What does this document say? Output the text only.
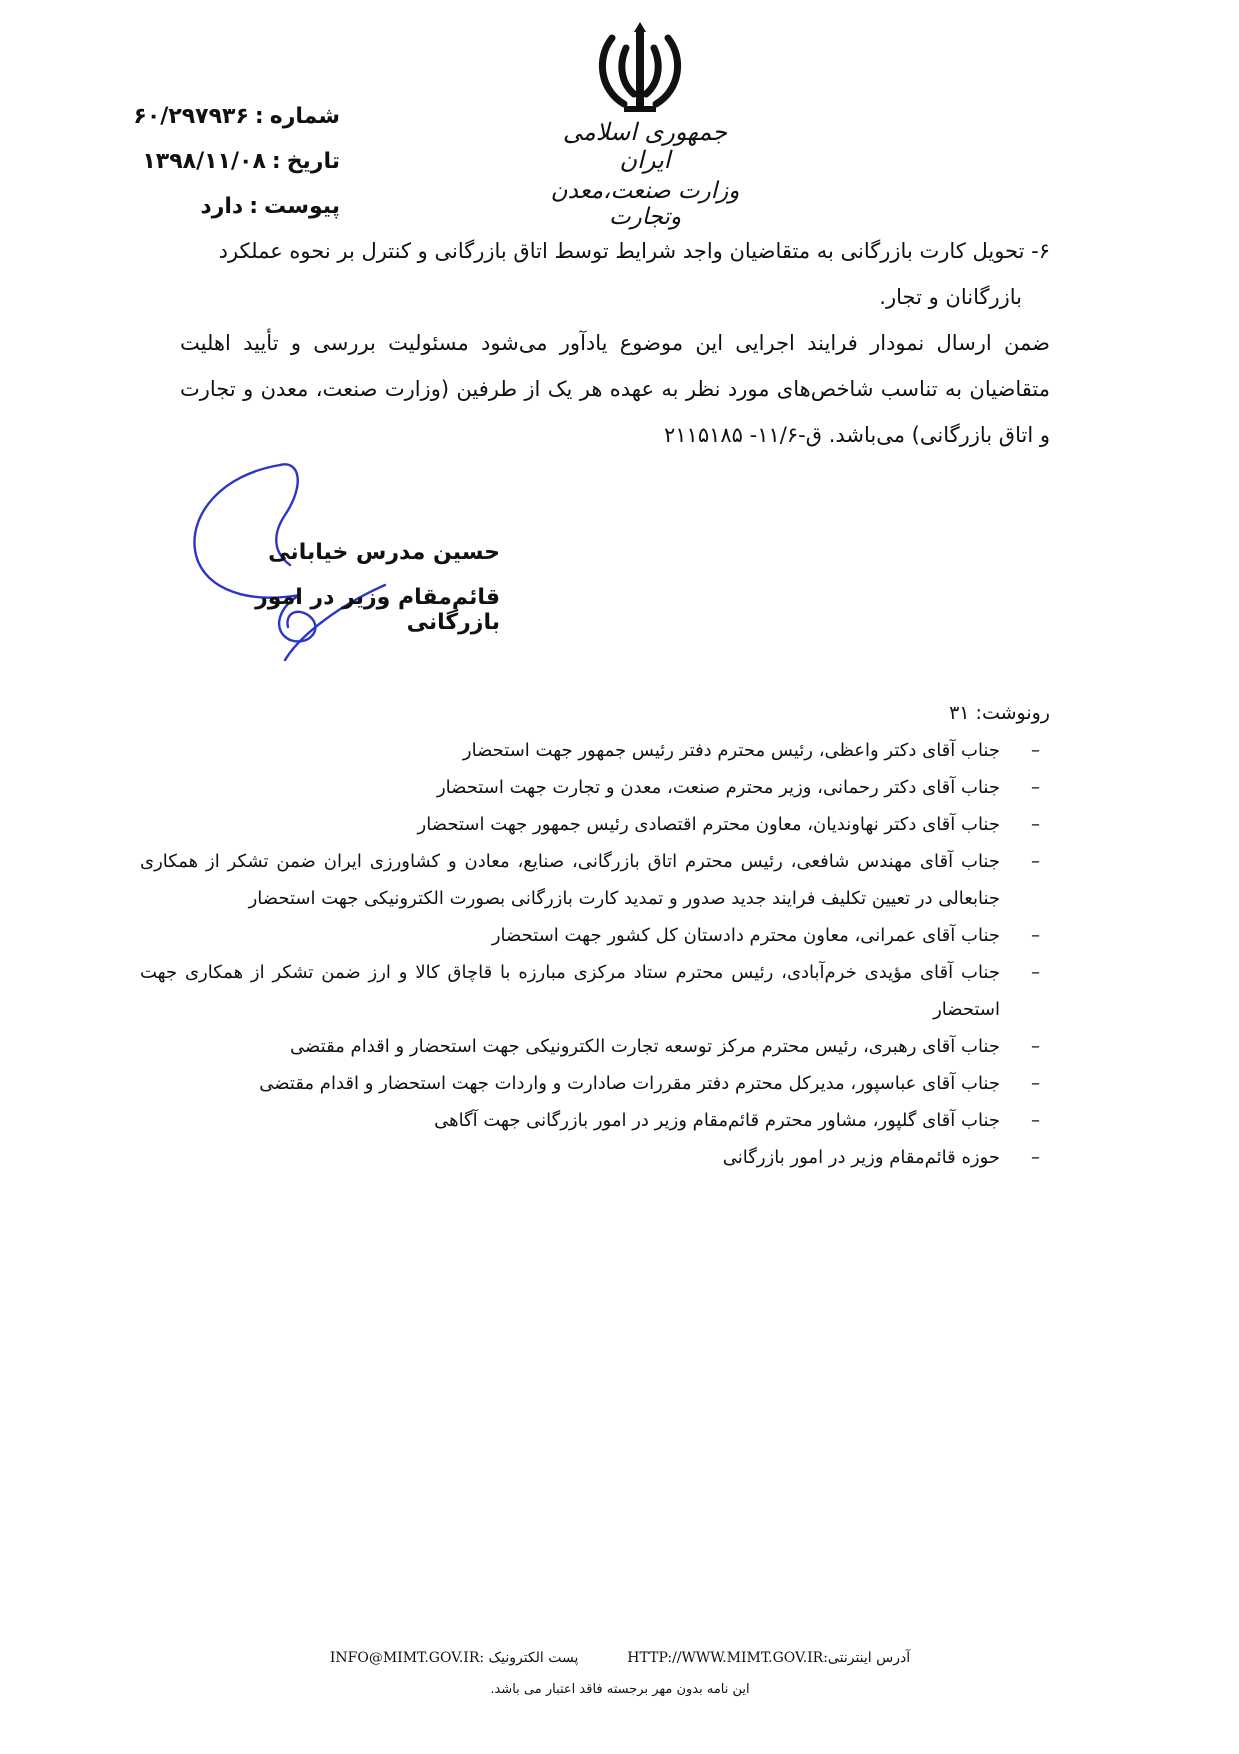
جمهوری اسلامی ایران
وزارت صنعت،معدن وتجارت
شماره:۶۰/۲۹۷۹۳۶
تاریخ:۱۳۹۸/۱۱/۰۸
پیوست:دارد

۶- تحویل کارت بازرگانی به متقاضیان واجد شرایط توسط اتاق بازرگانی و کنترل بر نحوه عملکرد
بازرگانان و تجار.

ضمن ارسال نمودار فرایند اجرایی این موضوع یادآور می‌شود مسئولیت بررسی و تأیید اهلیت متقاضیان به تناسب شاخص‌های مورد نظر به عهده هر یک از طرفین (وزارت صنعت، معدن و تجارت و اتاق بازرگانی) می‌باشد. ق-۱۱/۶- ۲۱۱۵۱۸۵

حسین مدرس خیابانی
قائم‌مقام وزیر در امور بازرگانی
رونوشت: ۳۱
–
جناب آقای دکتر واعظی، رئیس محترم دفتر رئیس جمهور جهت استحضار
–
جناب آقای دکتر رحمانی، وزیر محترم صنعت، معدن و تجارت جهت استحضار
–
جناب آقای دکتر نهاوندیان، معاون محترم اقتصادی رئیس جمهور جهت استحضار
–
جناب آقای مهندس شافعی، رئیس محترم اتاق بازرگانی، صنایع، معادن و کشاورزی ایران ضمن تشکر از همکاری جنابعالی در تعیین تکلیف فرایند جدید صدور و تمدید کارت بازرگانی بصورت الکترونیکی جهت استحضار
–
جناب آقای عمرانی، معاون محترم دادستان کل کشور جهت استحضار
–
جناب آقای مؤیدی خرم‌آبادی، رئیس محترم ستاد مرکزی مبارزه با قاچاق کالا و ارز ضمن تشکر از همکاری جهت استحضار
–
جناب آقای رهبری، رئیس محترم مرکز توسعه تجارت الکترونیکی جهت استحضار و اقدام مقتضی
–
جناب آقای عباسپور، مدیرکل محترم دفتر مقررات صادارت و واردات جهت استحضار و اقدام مقتضی
–
جناب آقای گلپور، مشاور محترم قائم‌مقام وزیر در امور بازرگانی جهت آگاهی
–
حوزه قائم‌مقام وزیر در امور بازرگانی
آدرس اینترنتی:HTTP://WWW.MIMT.GOV.IR  پست الکترونیک :INFO@MIMT.GOV.IR
این نامه بدون مهر برجسته فاقد اعتبار می باشد.
